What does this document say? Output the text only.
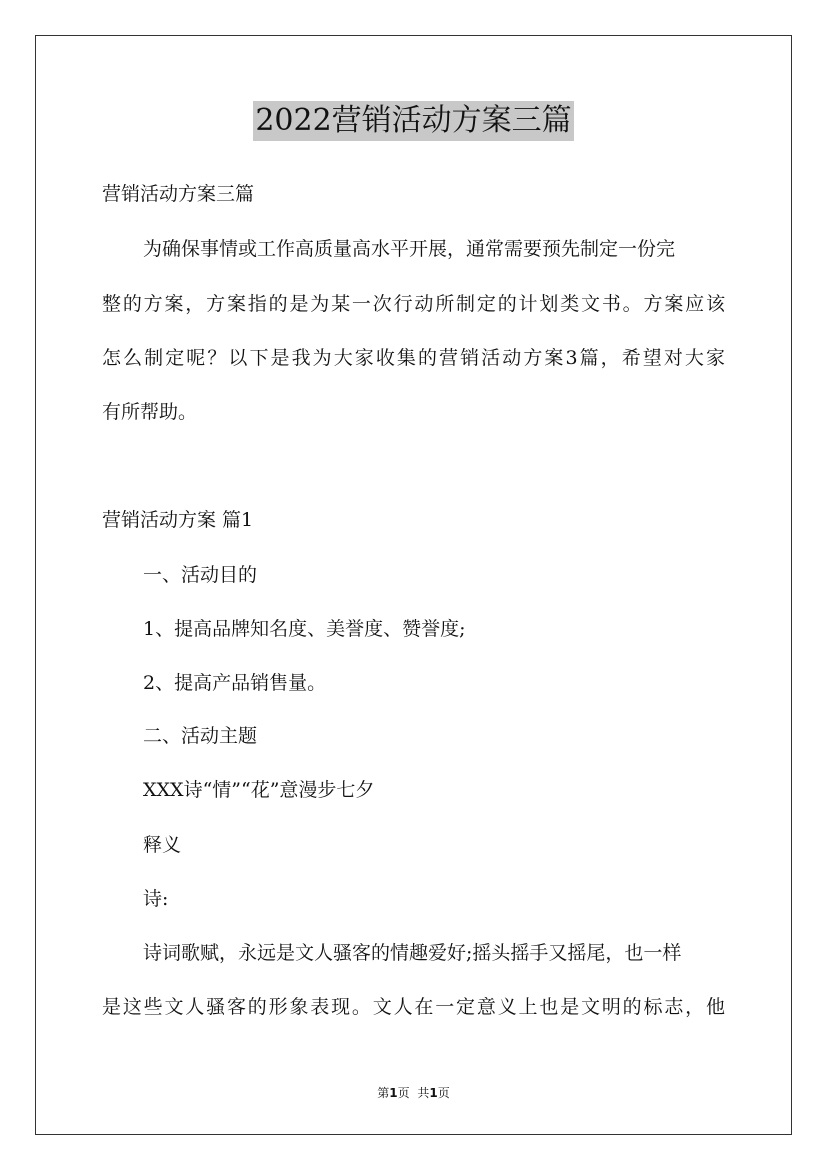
2022营销活动方案三篇
营销活动方案三篇
为确保事情或工作高质量高水平开展，通常需要预先制定一份完
整的方案，方案指的是为某一次行动所制定的计划类文书。方案应该
怎么制定呢？以下是我为大家收集的营销活动方案3篇，希望对大家
有所帮助。
营销活动方案 篇1
一、活动目的
1、提高品牌知名度、美誉度、赞誉度;
2、提高产品销售量。
二、活动主题
XXX诗“情”“花”意漫步七夕
释义
诗:
诗词歌赋，永远是文人骚客的情趣爱好;摇头摇手又摇尾，也一样
是这些文人骚客的形象表现。文人在一定意义上也是文明的标志，他
第1页 共1页
